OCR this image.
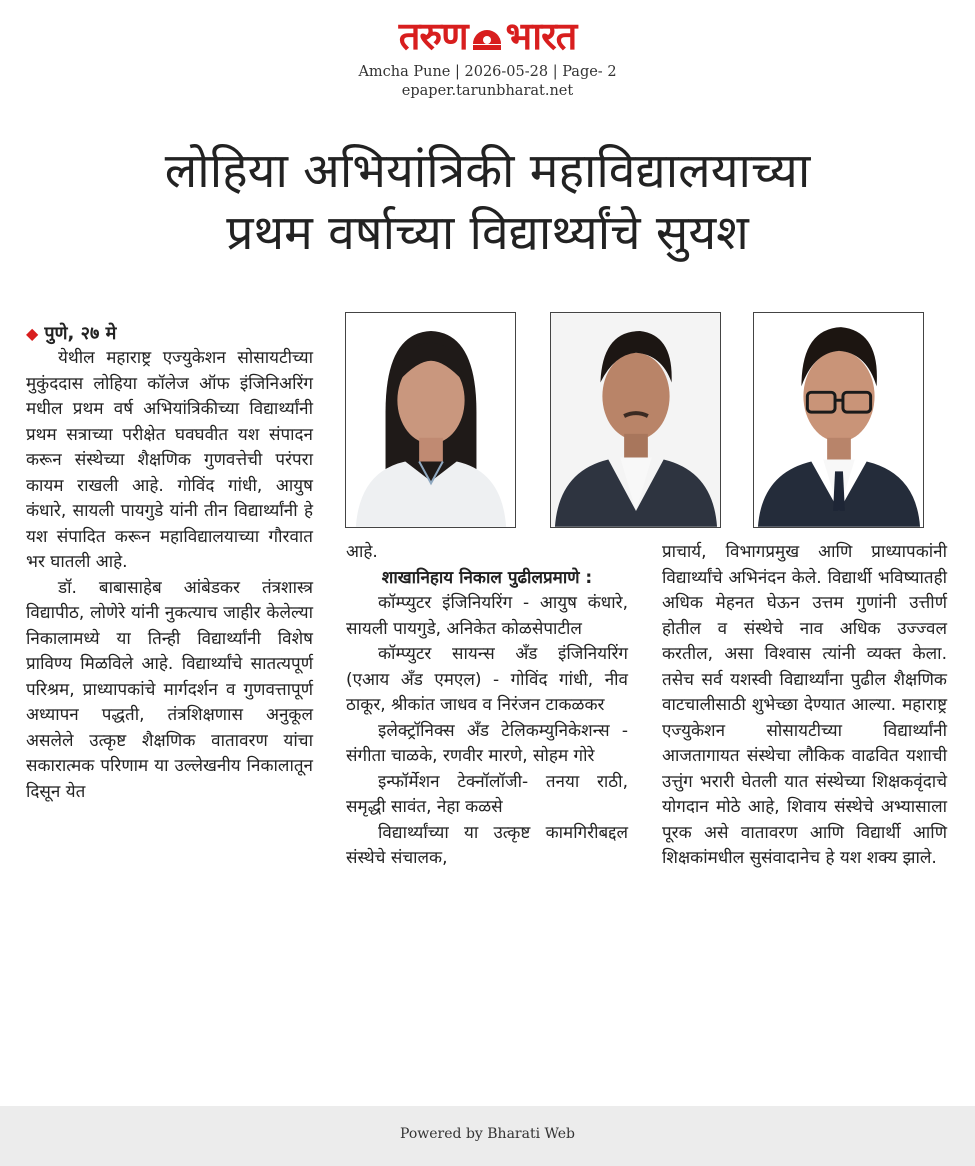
तरुण भारत
Amcha Pune | 2026-05-28 | Page- 2
epaper.tarunbharat.net
लोहिया अभियांत्रिकी महाविद्यालयाच्या
प्रथम वर्षाच्या विद्यार्थ्यांचे सुयश

◆ पुणे, २७ मे

येथील महाराष्ट्र एज्युकेशन सोसायटीच्या मुकुंददास लोहिया कॉलेज ऑफ इंजिनिअरिंग मधील प्रथम वर्ष अभियांत्रिकीच्या विद्यार्थ्यांनी प्रथम सत्राच्या परीक्षेत घवघवीत यश संपादन करून संस्थेच्या शैक्षणिक गुणवत्तेची परंपरा कायम राखली आहे. गोविंद गांधी, आयुष कंधारे, सायली पायगुडे यांनी तीन विद्यार्थ्यांनी हे यश संपादित करून महाविद्यालयाच्या गौरवात भर घातली आहे.

डॉ. बाबासाहेब आंबेडकर तंत्रशास्त्र विद्यापीठ, लोणेरे यांनी नुकत्याच जाहीर केलेल्या निकालामध्ये या तिन्ही विद्यार्थ्यांनी विशेष प्राविण्य मिळविले आहे. विद्यार्थ्यांचे सातत्यपूर्ण परिश्रम, प्राध्यापकांचे मार्गदर्शन व गुणवत्तापूर्ण अध्यापन पद्धती, तंत्रशिक्षणास अनुकूल असलेले उत्कृष्ट शैक्षणिक वातावरण यांचा सकारात्मक परिणाम या उल्लेखनीय निकालातून दिसून येत

आहे.

शाखानिहाय निकाल पुढीलप्रमाणे :

कॉम्प्युटर इंजिनियरिंग - आयुष कंधारे, सायली पायगुडे, अनिकेत कोळसेपाटील

कॉम्प्युटर सायन्स अँड इंजिनियरिंग (एआय अँड एमएल) - गोविंद गांधी, नीव ठाकूर, श्रीकांत जाधव व निरंजन टाकळकर

इलेक्ट्रॉनिक्स अँड टेलिकम्युनिकेशन्स - संगीता चाळके, रणवीर मारणे, सोहम गोरे

इन्फॉर्मेशन टेक्नॉलॉजी- तनया राठी, समृद्धी सावंत, नेहा कळसे

विद्यार्थ्यांच्या या उत्कृष्ट कामगिरीबद्दल संस्थेचे संचालक,

प्राचार्य, विभागप्रमुख आणि प्राध्यापकांनी विद्यार्थ्यांचे अभिनंदन केले. विद्यार्थी भविष्यातही अधिक मेहनत घेऊन उत्तम गुणांनी उत्तीर्ण होतील व संस्थेचे नाव अधिक उज्ज्वल करतील, असा विश्वास त्यांनी व्यक्त केला. तसेच सर्व यशस्वी विद्यार्थ्यांना पुढील शैक्षणिक वाटचालीसाठी शुभेच्छा देण्यात आल्या. महाराष्ट्र एज्युकेशन सोसायटीच्या विद्यार्थ्यांनी आजतागायत संस्थेचा लौकिक वाढवित यशाची उत्तुंग भरारी घेतली यात संस्थेच्या शिक्षकवृंदाचे योगदान मोठे आहे, शिवाय संस्थेचे अभ्यासाला पूरक असे वातावरण आणि विद्यार्थी आणि शिक्षकांमधील सुसंवादानेच हे यश शक्य झाले.

Powered by Bharati Web
